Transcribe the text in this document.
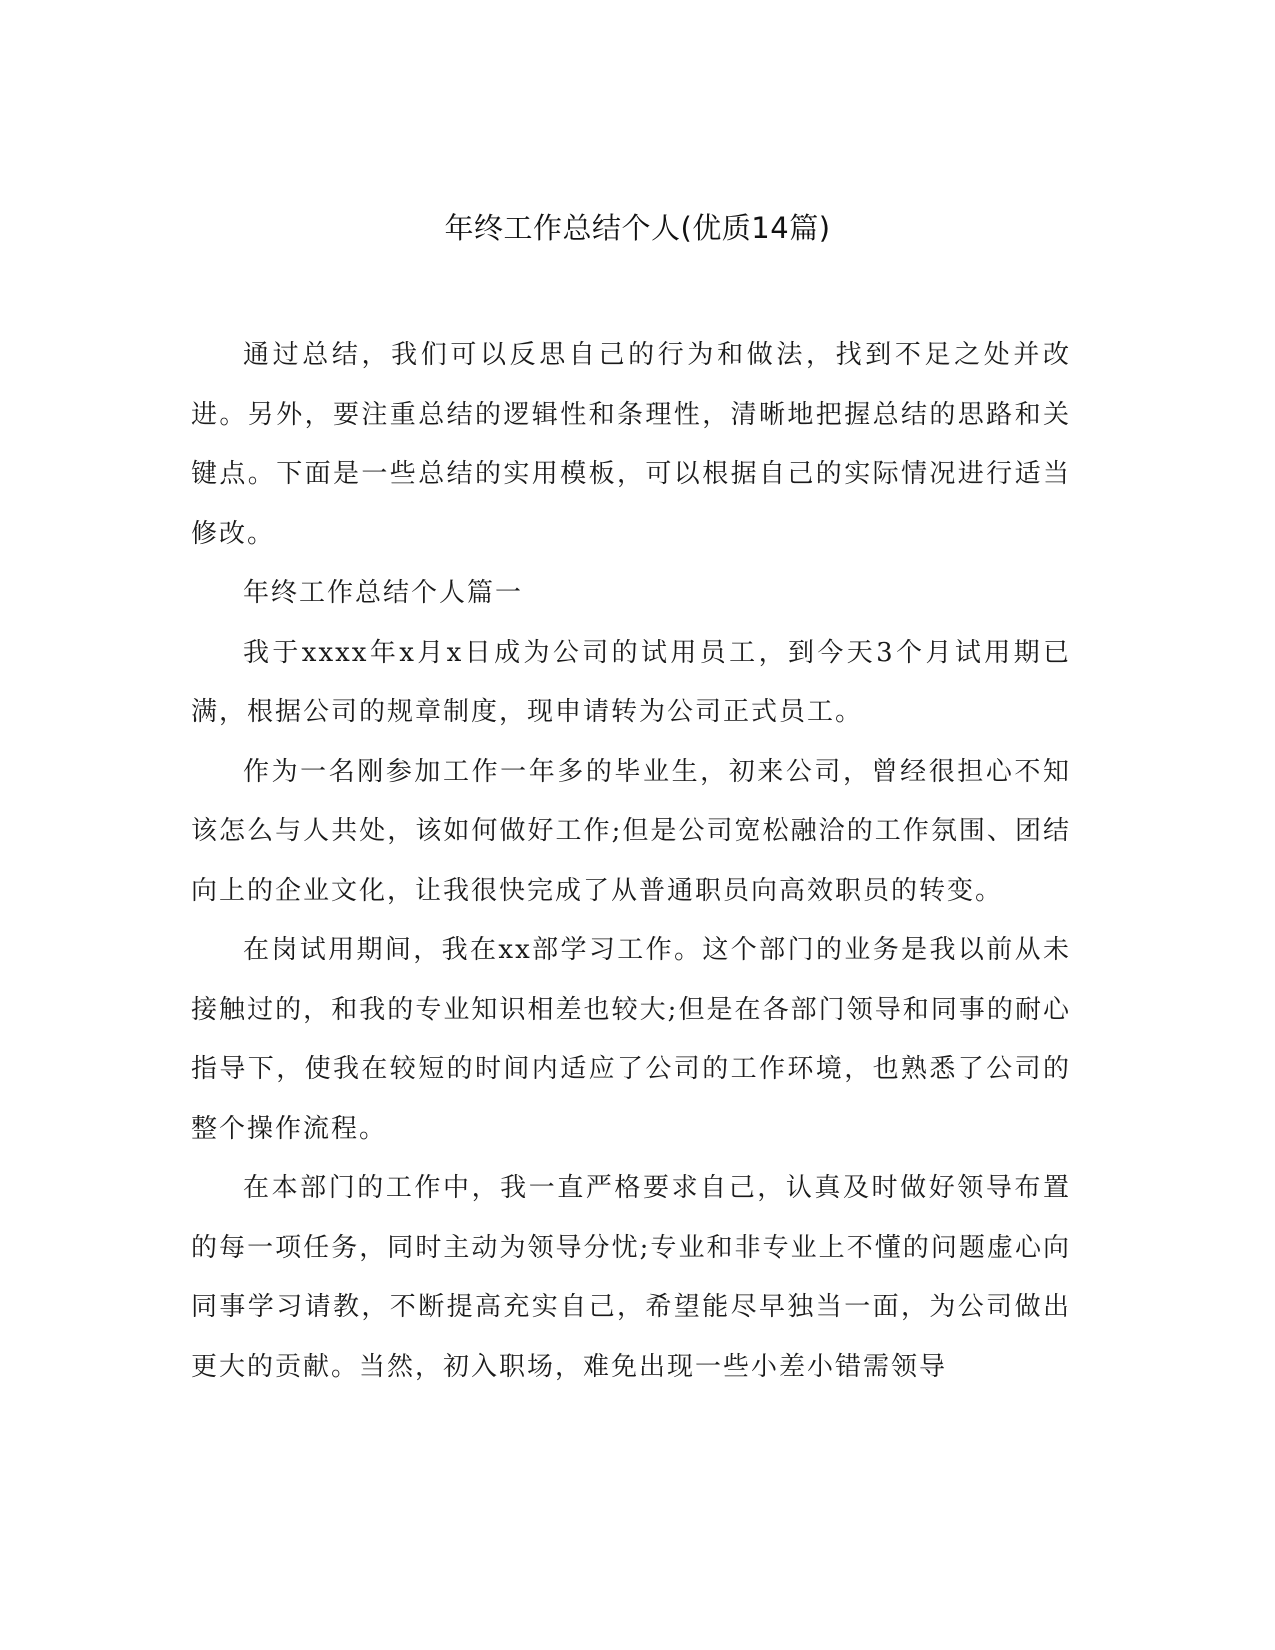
年终工作总结个人(优质14篇)

通过总结，我们可以反思自己的行为和做法，找到不足之处并改进。另外，要注重总结的逻辑性和条理性，清晰地把握总结的思路和关键点。下面是一些总结的实用模板，可以根据自己的实际情况进行适当修改。

年终工作总结个人篇一

我于xxxx年x月x日成为公司的试用员工，到今天3个月试用期已满，根据公司的规章制度，现申请转为公司正式员工。

作为一名刚参加工作一年多的毕业生，初来公司，曾经很担心不知该怎么与人共处，该如何做好工作;但是公司宽松融洽的工作氛围、团结向上的企业文化，让我很快完成了从普通职员向高效职员的转变。

在岗试用期间，我在xx部学习工作。这个部门的业务是我以前从未接触过的，和我的专业知识相差也较大;但是在各部门领导和同事的耐心指导下，使我在较短的时间内适应了公司的工作环境，也熟悉了公司的整个操作流程。

在本部门的工作中，我一直严格要求自己，认真及时做好领导布置的每一项任务，同时主动为领导分忧;专业和非专业上不懂的问题虚心向同事学习请教，不断提高充实自己，希望能尽早独当一面，为公司做出更大的贡献。当然，初入职场，难免出现一些小差小错需领导
